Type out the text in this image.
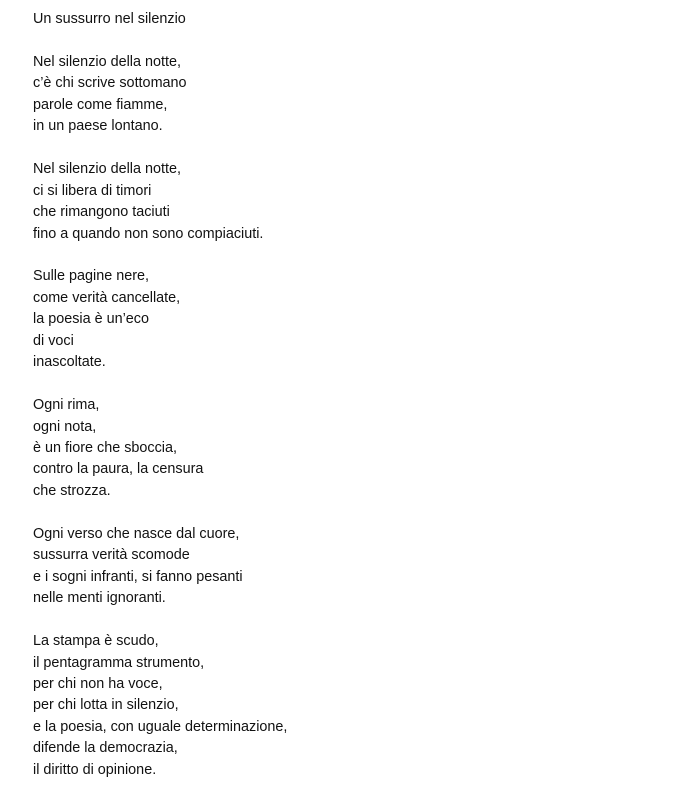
Un sussurro nel silenzio
Nel silenzio della notte,
c’è chi scrive sottomano
parole come fiamme,
in un paese lontano.
Nel silenzio della notte,
ci si libera di timori
che rimangono taciuti
fino a quando non sono compiaciuti.
Sulle pagine nere,
come verità cancellate,
la poesia è un’eco
di voci
inascoltate.
Ogni rima,
ogni nota,
è un fiore che sboccia,
contro la paura, la censura
che strozza.
Ogni verso che nasce dal cuore,
sussurra verità scomode
e i sogni infranti, si fanno pesanti
nelle menti ignoranti.
La stampa è scudo,
il pentagramma strumento,
per chi non ha voce,
per chi lotta in silenzio,
e la poesia, con uguale determinazione,
difende la democrazia,
il diritto di opinione.
